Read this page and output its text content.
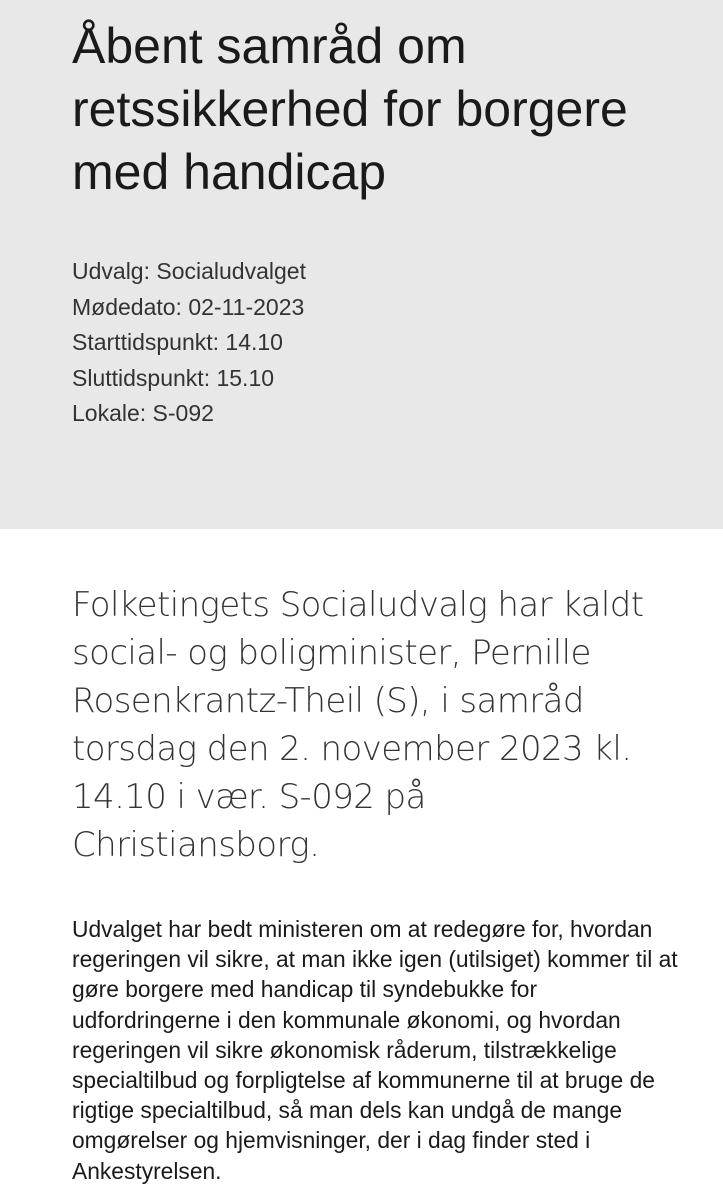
Åbent samråd om retssikkerhed for borgere med handicap
Udvalg: Socialudvalget
Mødedato: 02-11-2023
Starttidspunkt: 14.10
Sluttidspunkt: 15.10
Lokale: S-092

Folketingets Socialudvalg har kaldt social- og boligminister, Pernille Rosenkrantz-Theil (S), i samråd torsdag den 2. november 2023 kl. 14.10 i vær. S-092 på Christiansborg.

Udvalget har bedt ministeren om at redegøre for, hvordan regeringen vil sikre, at man ikke igen (utilsiget) kommer til at gøre borgere med handicap til syndebukke for udfordringerne i den kommunale økonomi, og hvordan regeringen vil sikre økonomisk råderum, tilstrækkelige specialtilbud og forpligtelse af kommunerne til at bruge de rigtige specialtilbud, så man dels kan undgå de mange omgørelser og hjemvisninger, der i dag finder sted i Ankestyrelsen.
